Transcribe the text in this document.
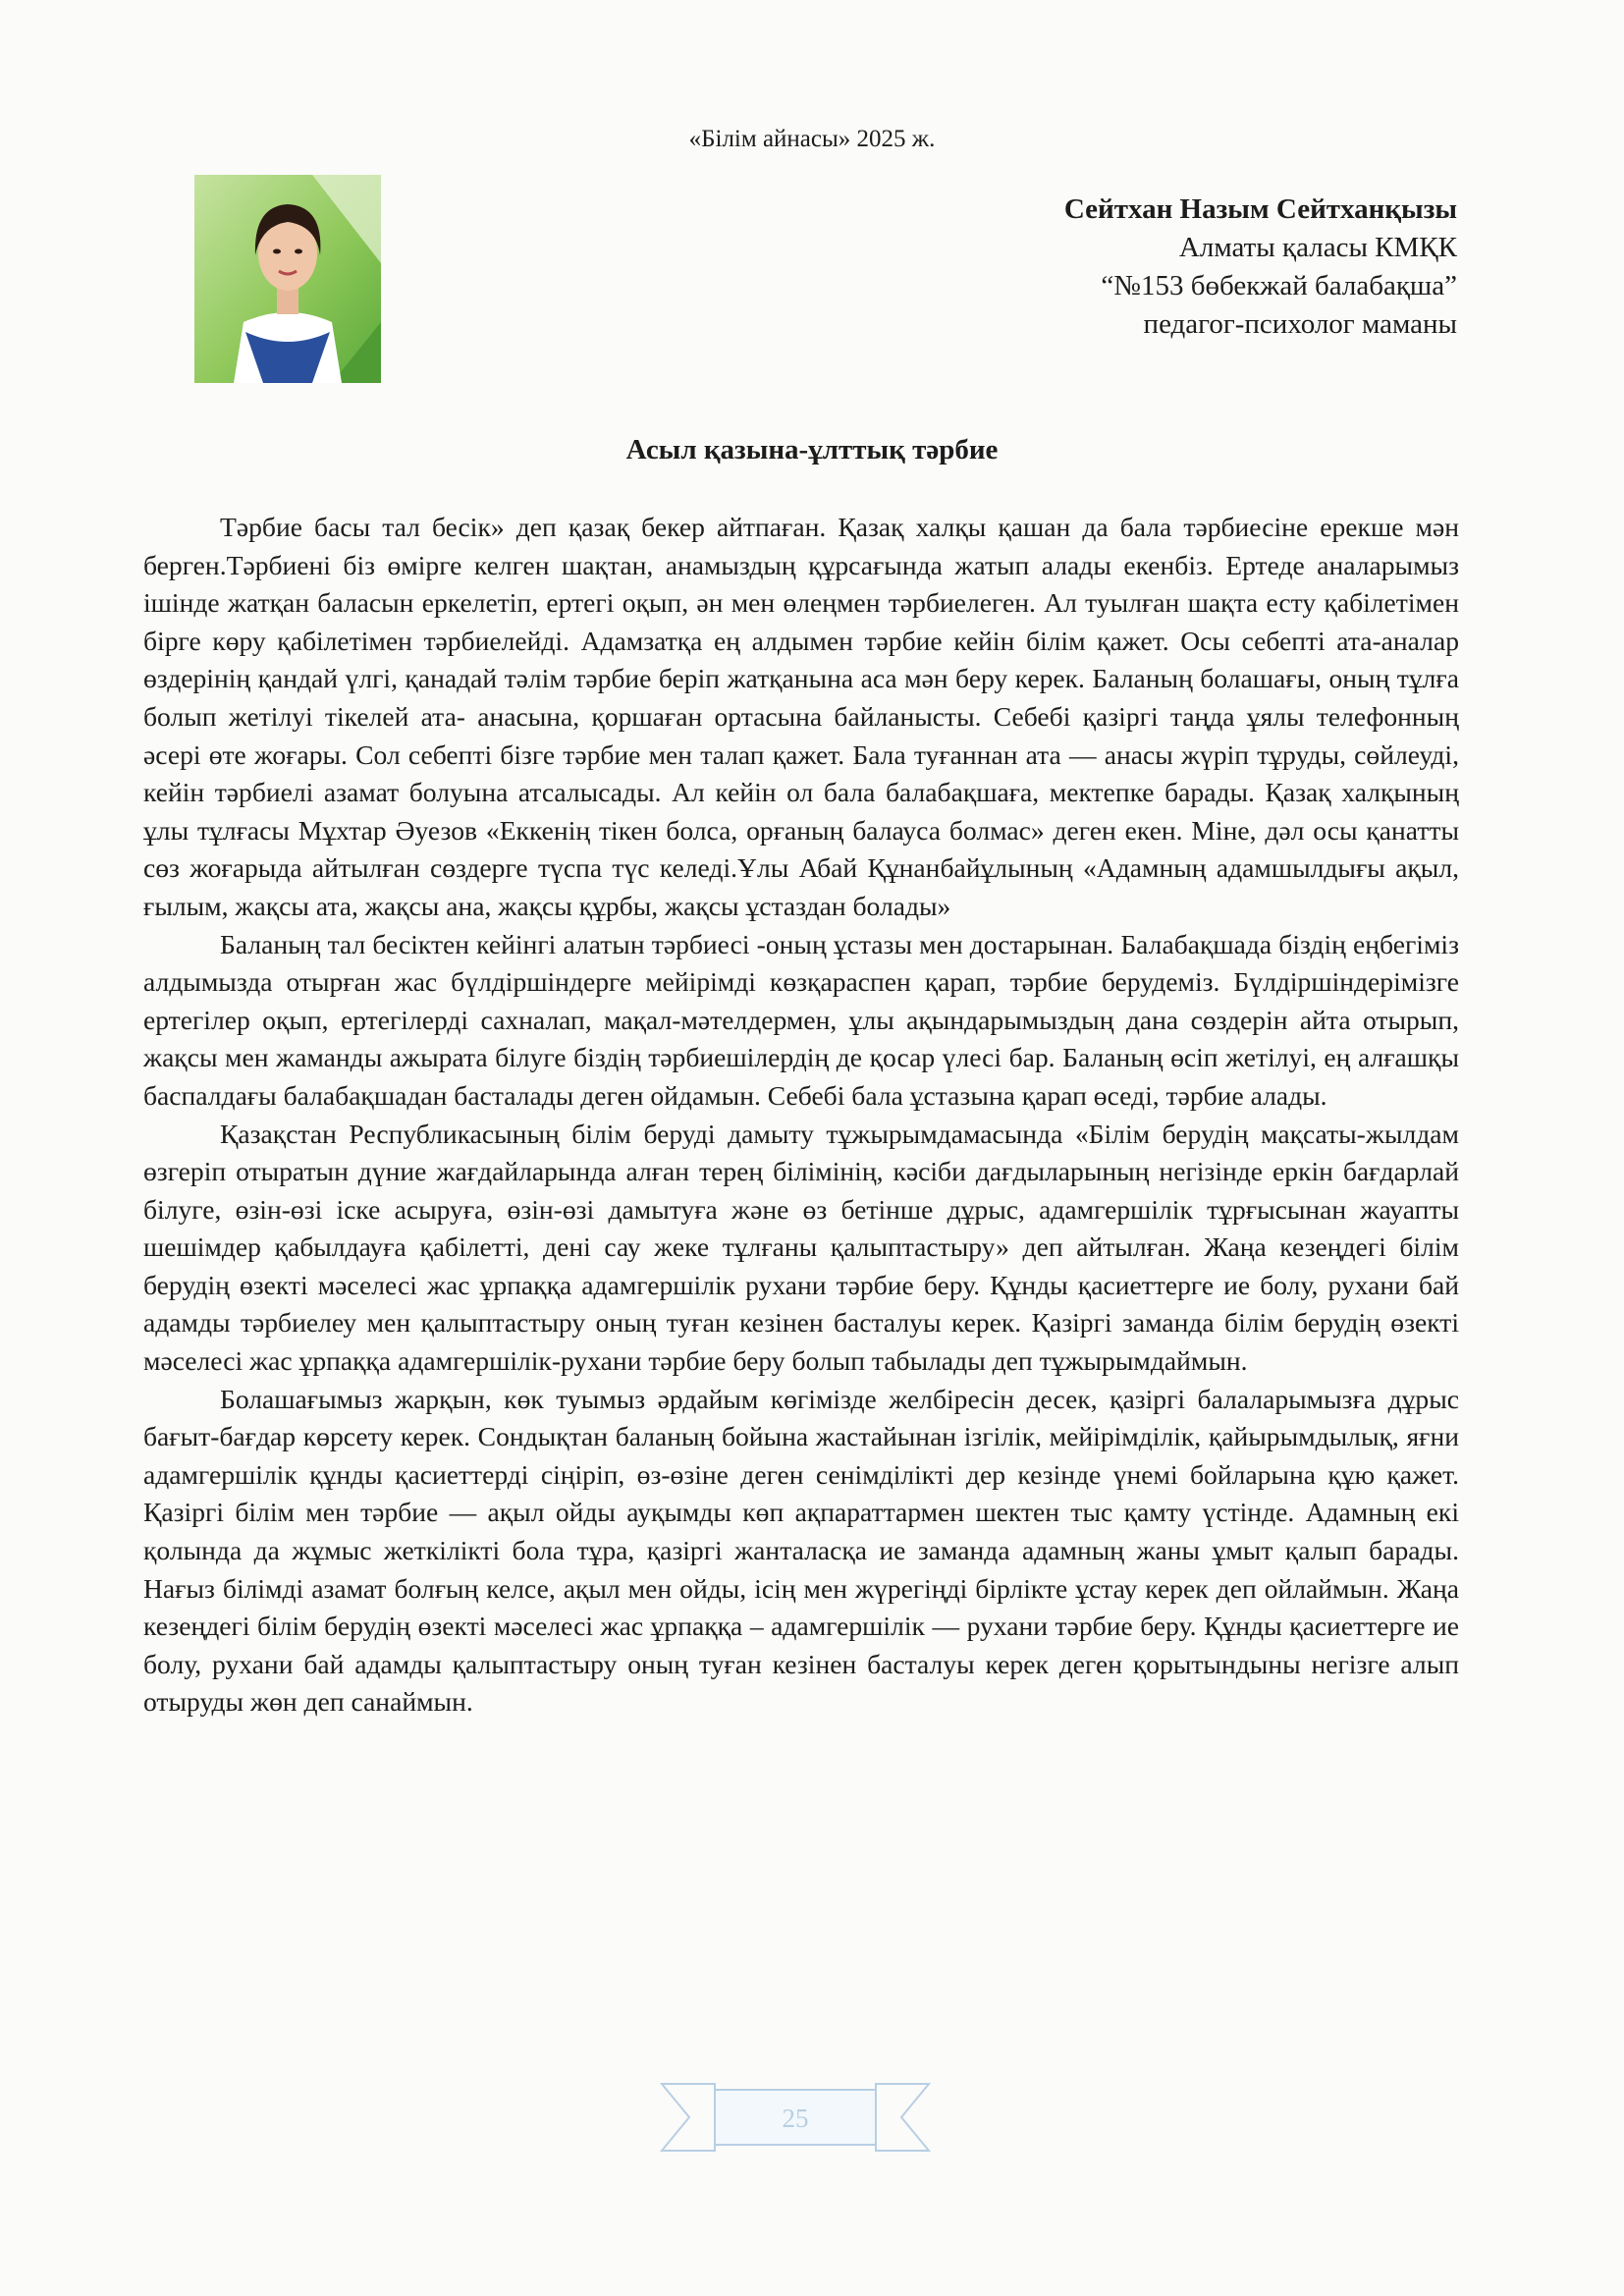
«Білім айнасы» 2025 ж.
Сейтхан Назым Сейтханқызы
Алматы қаласы КМҚК
“№153 бөбекжай балабақша”
педагог-психолог маманы
Асыл қазына-ұлттық тәрбие

Тәрбие басы тал бесік» деп қазақ бекер айтпаған. Қазақ халқы қашан да бала тәрбиесіне ерекше мән берген.Тәрбиені біз өмірге келген шақтан, анамыздың құрсағында жатып алады екенбіз. Ертеде аналарымыз ішінде жатқан баласын еркелетіп, ертегі оқып, ән мен өлеңмен тәрбиелеген. Ал туылған шақта есту қабілетімен бірге көру қабілетімен тәрбиелейді. Адамзатқа ең алдымен тәрбие кейін білім қажет. Осы себепті ата-аналар өздерінің қандай үлгі, қанадай тәлім тәрбие беріп жатқанына аса мән беру керек. Баланың болашағы, оның тұлға болып жетілуі тікелей ата- анасына, қоршаған ортасына байланысты. Себебі қазіргі таңда ұялы телефонның әсері өте жоғары. Сол себепті бізге тәрбие мен талап қажет. Бала туғаннан ата — анасы жүріп тұруды, сөйлеуді, кейін тәрбиелі азамат болуына атсалысады. Ал кейін ол бала балабақшаға, мектепке барады. Қазақ халқының ұлы тұлғасы Мұхтар Әуезов «Еккенің тікен болса, орғаның балауса болмас» деген екен. Міне, дәл осы қанатты сөз жоғарыда айтылған сөздерге түспа түс келеді.Ұлы Абай Құнанбайұлының «Адамның адамшылдығы ақыл, ғылым, жақсы ата, жақсы ана, жақсы құрбы, жақсы ұстаздан болады»

Баланың тал бесіктен кейінгі алатын тәрбиесі -оның ұстазы мен достарынан. Балабақшада біздің еңбегіміз алдымызда отырған жас бүлдіршіндерге мейірімді көзқараспен қарап, тәрбие берудеміз. Бүлдіршіндерімізге ертегілер оқып, ертегілерді сахналап, мақал-мәтелдермен, ұлы ақындарымыздың дана сөздерін айта отырып, жақсы мен жаманды ажырата білуге біздің тәрбиешілердің де қосар үлесі бар. Баланың өсіп жетілуі, ең алғашқы баспалдағы балабақшадан басталады деген ойдамын. Себебі бала ұстазына қарап өседі, тәрбие алады.

Қазақстан Республикасының білім беруді дамыту тұжырымдамасында «Білім берудің мақсаты-жылдам өзгеріп отыратын дүние жағдайларында алған терең білімінің, кәсіби дағдыларының негізінде еркін бағдарлай білуге, өзін-өзі іске асыруға, өзін-өзі дамытуға және өз бетінше дұрыс, адамгершілік тұрғысынан жауапты шешімдер қабылдауға қабілетті, дені сау жеке тұлғаны қалыптастыру» деп айтылған. Жаңа кезеңдегі білім берудің өзекті мәселесі жас ұрпаққа адамгершілік рухани тәрбие беру. Құнды қасиеттерге ие болу, рухани бай адамды тәрбиелеу мен қалыптастыру оның туған кезінен басталуы керек. Қазіргі заманда білім берудің өзекті мәселесі жас ұрпаққа адамгершілік-рухани тәрбие беру болып табылады деп тұжырымдаймын.

Болашағымыз жарқын, көк туымыз әрдайым көгімізде желбіресін десек, қазіргі балаларымызға дұрыс бағыт-бағдар көрсету керек. Сондықтан баланың бойына жастайынан ізгілік, мейірімділік, қайырымдылық, яғни адамгершілік құнды қасиеттерді сіңіріп, өз-өзіне деген сенімділікті дер кезінде үнемі бойларына құю қажет. Қазіргі білім мен тәрбие — ақыл ойды ауқымды көп ақпараттармен шектен тыс қамту үстінде. Адамның екі қолында да жұмыс жеткілікті бола тұра, қазіргі жанталасқа ие заманда адамның жаны ұмыт қалып барады. Нағыз білімді азамат болғың келсе, ақыл мен ойды, ісің мен жүрегіңді бірлікте ұстау керек деп ойлаймын. Жаңа кезеңдегі білім берудің өзекті мәселесі жас ұрпаққа – адамгершілік — рухани тәрбие беру. Құнды қасиеттерге ие болу, рухани бай адамды қалыптастыру оның туған кезінен басталуы керек деген қорытындыны негізге алып отыруды жөн деп санаймын.

25
